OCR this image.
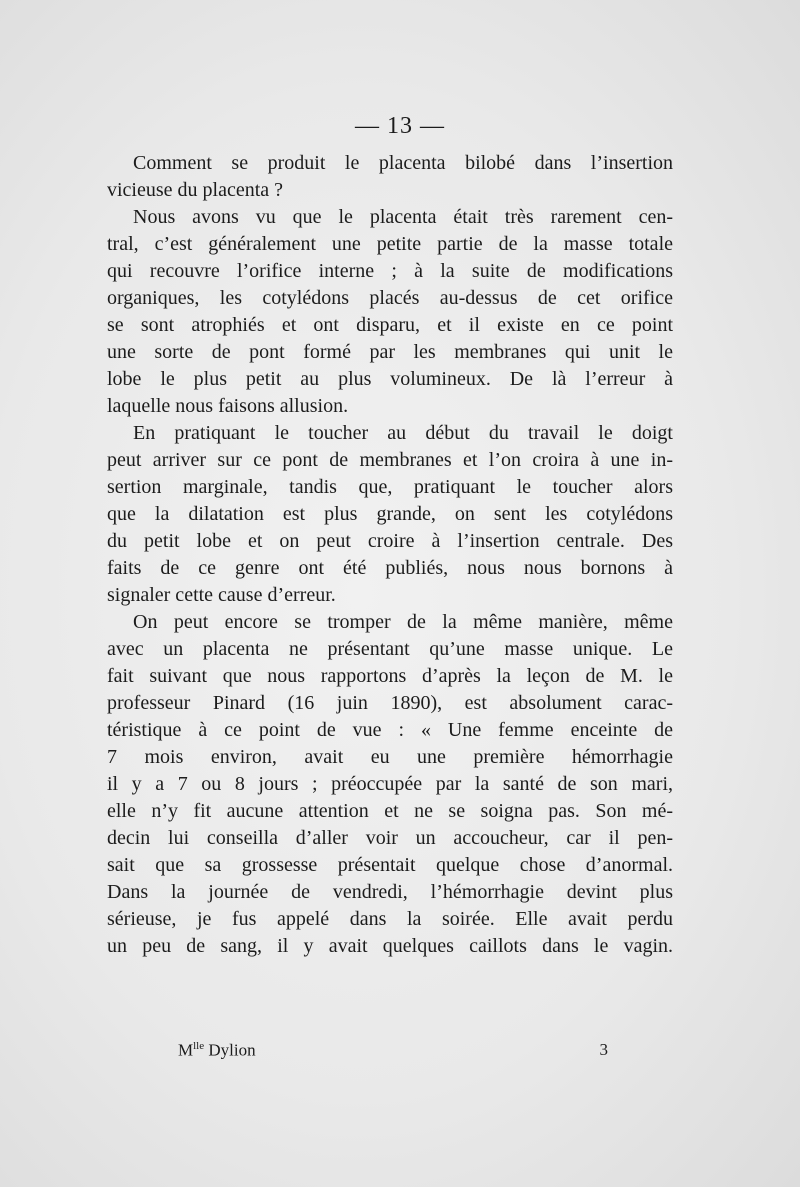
— 13 —

Comment se produit le placenta bilobé dans l’insertion
vicieuse du placenta ?

Nous avons vu que le placenta était très rarement cen-
tral, c’est généralement une petite partie de la masse totale
qui recouvre l’orifice interne ; à la suite de modifications
organiques, les cotylédons placés au-dessus de cet orifice
se sont atrophiés et ont disparu, et il existe en ce point
une sorte de pont formé par les membranes qui unit le
lobe le plus petit au plus volumineux. De là l’erreur à
laquelle nous faisons allusion.

En pratiquant le toucher au début du travail le doigt
peut arriver sur ce pont de membranes et l’on croira à une in-
sertion marginale, tandis que, pratiquant le toucher alors
que la dilatation est plus grande, on sent les cotylédons
du petit lobe et on peut croire à l’insertion centrale. Des
faits de ce genre ont été publiés, nous nous bornons à
signaler cette cause d’erreur.

On peut encore se tromper de la même manière, même
avec un placenta ne présentant qu’une masse unique. Le
fait suivant que nous rapportons d’après la leçon de M. le
professeur Pinard (16 juin 1890), est absolument carac-
téristique à ce point de vue : « Une femme enceinte de
7 mois environ, avait eu une première hémorrhagie
il y a 7 ou 8 jours ; préoccupée par la santé de son mari,
elle n’y fit aucune attention et ne se soigna pas. Son mé-
decin lui conseilla d’aller voir un accoucheur, car il pen-
sait que sa grossesse présentait quelque chose d’anormal.
Dans la journée de vendredi, l’hémorrhagie devint plus
sérieuse, je fus appelé dans la soirée. Elle avait perdu
un peu de sang, il y avait quelques caillots dans le vagin.

$M^{lle}$ Dylion	3
